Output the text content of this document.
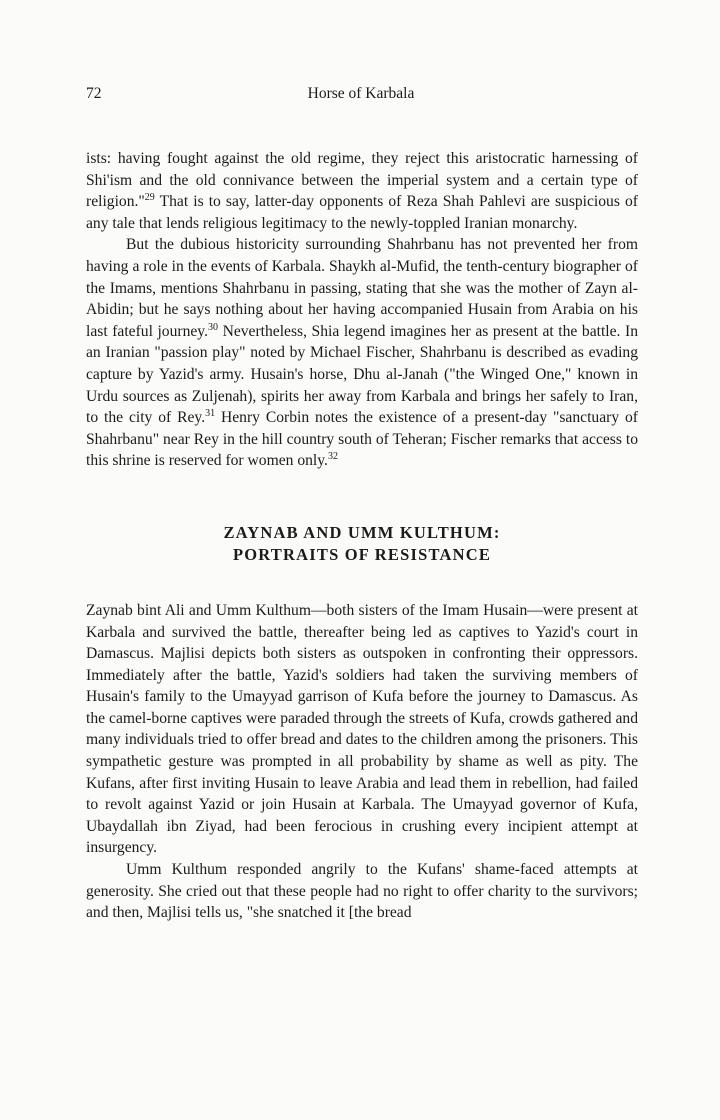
72	Horse of Karbala

ists: having fought against the old regime, they reject this aristocratic harnessing of Shi'ism and the old connivance between the imperial system and a certain type of religion."$^{29}$ That is to say, latter-day opponents of Reza Shah Pahlevi are suspicious of any tale that lends religious legitimacy to the newly-toppled Iranian monarchy.

But the dubious historicity surrounding Shahrbanu has not prevented her from having a role in the events of Karbala. Shaykh al-Mufid, the tenth-century biographer of the Imams, mentions Shahrbanu in passing, stating that she was the mother of Zayn al-Abidin; but he says nothing about her having accompanied Husain from Arabia on his last fateful journey.$^{30}$ Nevertheless, Shia legend imagines her as present at the battle. In an Iranian "passion play" noted by Michael Fischer, Shahrbanu is described as evading capture by Yazid's army. Husain's horse, Dhu al-Janah ("the Winged One," known in Urdu sources as Zuljenah), spirits her away from Karbala and brings her safely to Iran, to the city of Rey.$^{31}$ Henry Corbin notes the existence of a present-day "sanctuary of Shahrbanu" near Rey in the hill country south of Teheran; Fischer remarks that access to this shrine is reserved for women only.$^{32}$

ZAYNAB AND UMM KULTHUM:
PORTRAITS OF RESISTANCE

Zaynab bint Ali and Umm Kulthum—both sisters of the Imam Husain—were present at Karbala and survived the battle, thereafter being led as captives to Yazid's court in Damascus. Majlisi depicts both sisters as outspoken in confronting their oppressors. Immediately after the battle, Yazid's soldiers had taken the surviving members of Husain's family to the Umayyad garrison of Kufa before the journey to Damascus. As the camel-borne captives were paraded through the streets of Kufa, crowds gathered and many individuals tried to offer bread and dates to the children among the prisoners. This sympathetic gesture was prompted in all probability by shame as well as pity. The Kufans, after first inviting Husain to leave Arabia and lead them in rebellion, had failed to revolt against Yazid or join Husain at Karbala. The Umayyad governor of Kufa, Ubaydallah ibn Ziyad, had been ferocious in crushing every incipient attempt at insurgency.

Umm Kulthum responded angrily to the Kufans' shame-faced attempts at generosity. She cried out that these people had no right to offer charity to the survivors; and then, Majlisi tells us, "she snatched it [the bread
